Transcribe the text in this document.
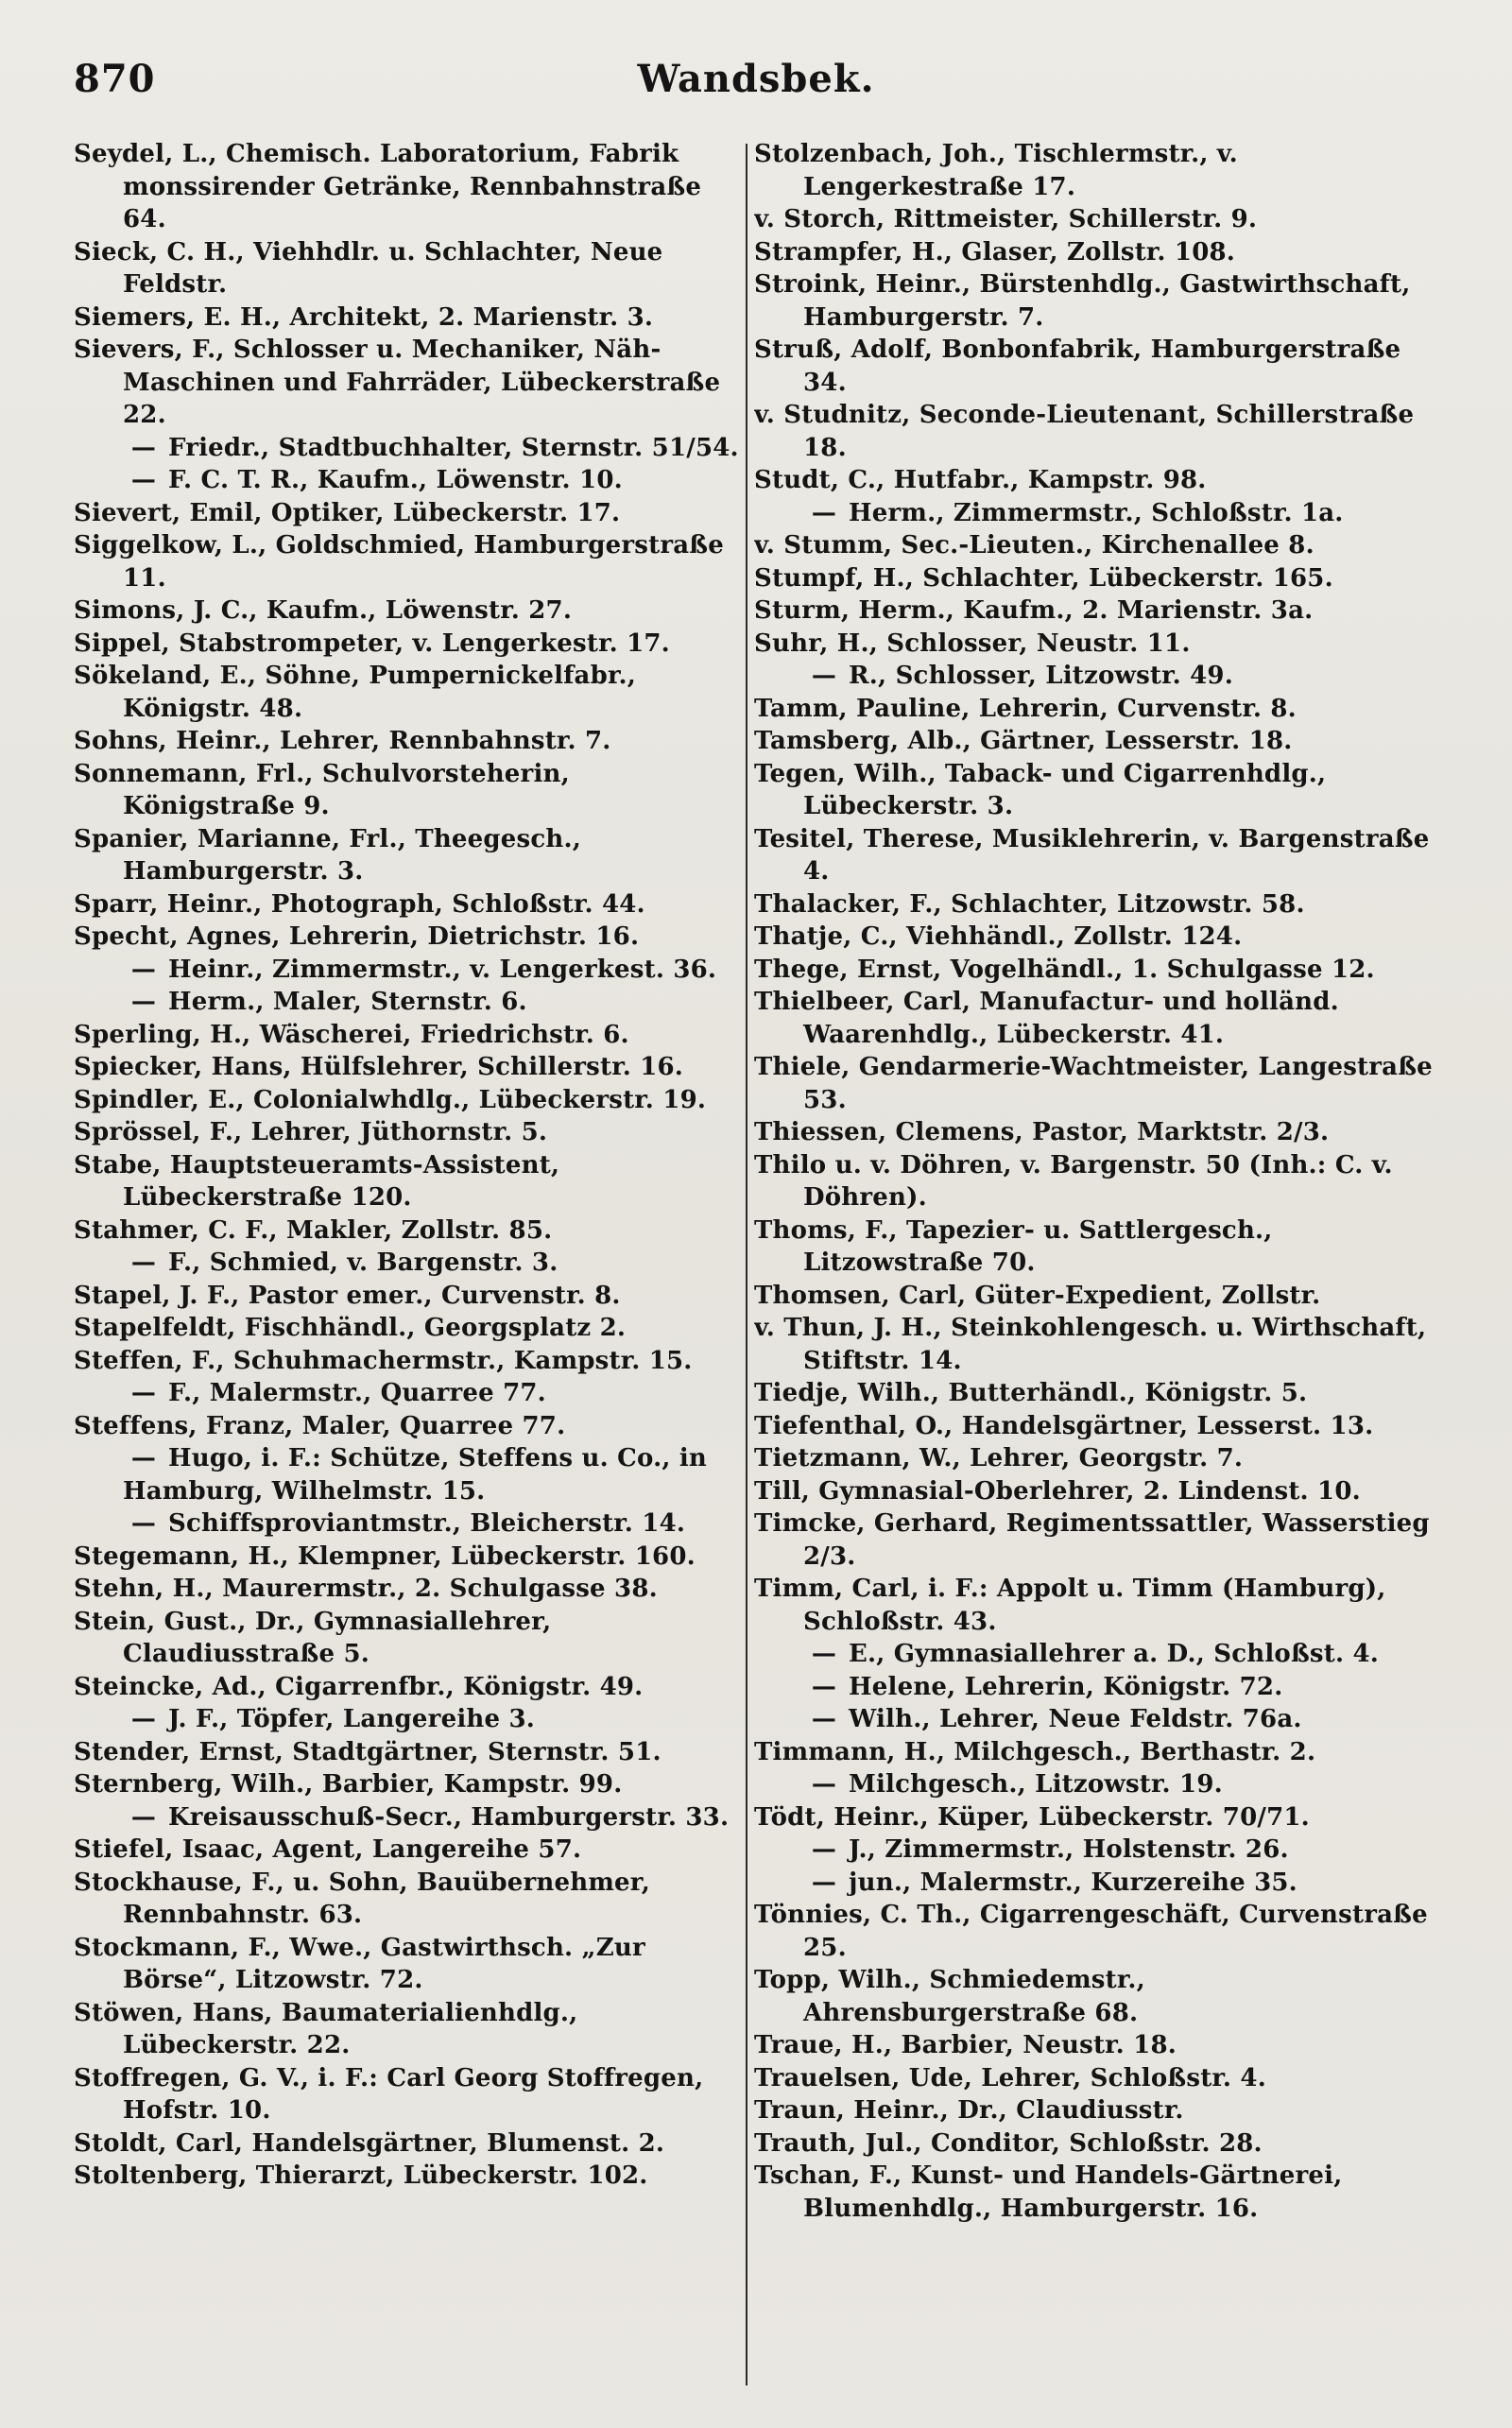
870	Wandsbek.

Seydel, L., Chemisch. Laboratorium, Fabrik monssirender Getränke, Rennbahnstraße 64.

Sieck, C. H., Viehhdlr. u. Schlachter, Neue Feldstr.

Siemers, E. H., Architekt, 2. Marienstr. 3.

Sievers, F., Schlosser u. Mechaniker, Näh-Maschinen und Fahrräder, Lübeckerstraße 22.

— Friedr., Stadtbuchhalter, Sternstr. 51/54.

— F. C. T. R., Kaufm., Löwenstr. 10.

Sievert, Emil, Optiker, Lübeckerstr. 17.

Siggelkow, L., Goldschmied, Hamburgerstraße 11.

Simons, J. C., Kaufm., Löwenstr. 27.

Sippel, Stabstrompeter, v. Lengerkestr. 17.

Sökeland, E., Söhne, Pumpernickelfabr., Königstr. 48.

Sohns, Heinr., Lehrer, Rennbahnstr. 7.

Sonnemann, Frl., Schulvorsteherin, Königstraße 9.

Spanier, Marianne, Frl., Theegesch., Hamburgerstr. 3.

Sparr, Heinr., Photograph, Schloßstr. 44.

Specht, Agnes, Lehrerin, Dietrichstr. 16.

— Heinr., Zimmermstr., v. Lengerkest. 36.

— Herm., Maler, Sternstr. 6.

Sperling, H., Wäscherei, Friedrichstr. 6.

Spiecker, Hans, Hülfslehrer, Schillerstr. 16.

Spindler, E., Colonialwhdlg., Lübeckerstr. 19.

Sprössel, F., Lehrer, Jüthornstr. 5.

Stabe, Hauptsteueramts-Assistent, Lübeckerstraße 120.

Stahmer, C. F., Makler, Zollstr. 85.

— F., Schmied, v. Bargenstr. 3.

Stapel, J. F., Pastor emer., Curvenstr. 8.

Stapelfeldt, Fischhändl., Georgsplatz 2.

Steffen, F., Schuhmachermstr., Kampstr. 15.

— F., Malermstr., Quarree 77.

Steffens, Franz, Maler, Quarree 77.

— Hugo, i. F.: Schütze, Steffens u. Co., in Hamburg, Wilhelmstr. 15.

— Schiffsproviantmstr., Bleicherstr. 14.

Stegemann, H., Klempner, Lübeckerstr. 160.

Stehn, H., Maurermstr., 2. Schulgasse 38.

Stein, Gust., Dr., Gymnasiallehrer, Claudiusstraße 5.

Steincke, Ad., Cigarrenfbr., Königstr. 49.

— J. F., Töpfer, Langereihe 3.

Stender, Ernst, Stadtgärtner, Sternstr. 51.

Sternberg, Wilh., Barbier, Kampstr. 99.

— Kreisausschuß-Secr., Hamburgerstr. 33.

Stiefel, Isaac, Agent, Langereihe 57.

Stockhause, F., u. Sohn, Bauübernehmer, Rennbahnstr. 63.

Stockmann, F., Wwe., Gastwirthsch. „Zur Börse“, Litzowstr. 72.

Stöwen, Hans, Baumaterialienhdlg., Lübeckerstr. 22.

Stoffregen, G. V., i. F.: Carl Georg Stoffregen, Hofstr. 10.

Stoldt, Carl, Handelsgärtner, Blumenst. 2.

Stoltenberg, Thierarzt, Lübeckerstr. 102.

Stolzenbach, Joh., Tischlermstr., v. Lengerkestraße 17.

v. Storch, Rittmeister, Schillerstr. 9.

Strampfer, H., Glaser, Zollstr. 108.

Stroink, Heinr., Bürstenhdlg., Gastwirthschaft, Hamburgerstr. 7.

Struß, Adolf, Bonbonfabrik, Hamburgerstraße 34.

v. Studnitz, Seconde-Lieutenant, Schillerstraße 18.

Studt, C., Hutfabr., Kampstr. 98.

— Herm., Zimmermstr., Schloßstr. 1a.

v. Stumm, Sec.-Lieuten., Kirchenallee 8.

Stumpf, H., Schlachter, Lübeckerstr. 165.

Sturm, Herm., Kaufm., 2. Marienstr. 3a.

Suhr, H., Schlosser, Neustr. 11.

— R., Schlosser, Litzowstr. 49.

Tamm, Pauline, Lehrerin, Curvenstr. 8.

Tamsberg, Alb., Gärtner, Lesserstr. 18.

Tegen, Wilh., Taback- und Cigarrenhdlg., Lübeckerstr. 3.

Tesitel, Therese, Musiklehrerin, v. Bargenstraße 4.

Thalacker, F., Schlachter, Litzowstr. 58.

Thatje, C., Viehhändl., Zollstr. 124.

Thege, Ernst, Vogelhändl., 1. Schulgasse 12.

Thielbeer, Carl, Manufactur- und holländ. Waarenhdlg., Lübeckerstr. 41.

Thiele, Gendarmerie-Wachtmeister, Langestraße 53.

Thiessen, Clemens, Pastor, Marktstr. 2/3.

Thilo u. v. Döhren, v. Bargenstr. 50 (Inh.: C. v. Döhren).

Thoms, F., Tapezier- u. Sattlergesch., Litzowstraße 70.

Thomsen, Carl, Güter-Expedient, Zollstr.

v. Thun, J. H., Steinkohlengesch. u. Wirthschaft, Stiftstr. 14.

Tiedje, Wilh., Butterhändl., Königstr. 5.

Tiefenthal, O., Handelsgärtner, Lesserst. 13.

Tietzmann, W., Lehrer, Georgstr. 7.

Till, Gymnasial-Oberlehrer, 2. Lindenst. 10.

Timcke, Gerhard, Regimentssattler, Wasserstieg 2/3.

Timm, Carl, i. F.: Appolt u. Timm (Hamburg), Schloßstr. 43.

— E., Gymnasiallehrer a. D., Schloßst. 4.

— Helene, Lehrerin, Königstr. 72.

— Wilh., Lehrer, Neue Feldstr. 76a.

Timmann, H., Milchgesch., Berthastr. 2.

— Milchgesch., Litzowstr. 19.

Tödt, Heinr., Küper, Lübeckerstr. 70/71.

— J., Zimmermstr., Holstenstr. 26.

— jun., Malermstr., Kurzereihe 35.

Tönnies, C. Th., Cigarrengeschäft, Curvenstraße 25.

Topp, Wilh., Schmiedemstr., Ahrensburgerstraße 68.

Traue, H., Barbier, Neustr. 18.

Trauelsen, Ude, Lehrer, Schloßstr. 4.

Traun, Heinr., Dr., Claudiusstr.

Trauth, Jul., Conditor, Schloßstr. 28.

Tschan, F., Kunst- und Handels-Gärtnerei, Blumenhdlg., Hamburgerstr. 16.
